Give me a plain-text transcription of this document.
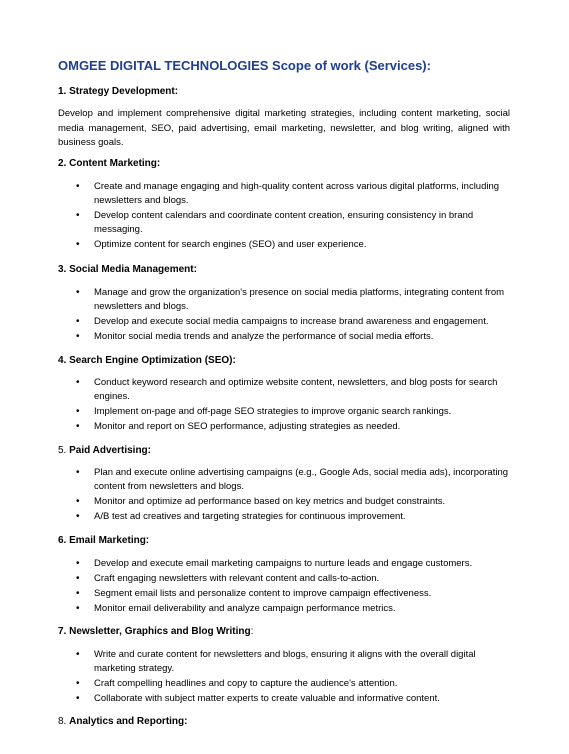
OMGEE DIGITAL TECHNOLOGIES Scope of work (Services):
1. Strategy Development:
Develop and implement comprehensive digital marketing strategies, including content marketing, social media management, SEO, paid advertising, email marketing, newsletter, and blog writing, aligned with business goals.
2. Content Marketing:
• Create and manage engaging and high-quality content across various digital platforms, including newsletters and blogs.
• Develop content calendars and coordinate content creation, ensuring consistency in brand messaging.
• Optimize content for search engines (SEO) and user experience.
3. Social Media Management:
• Manage and grow the organization's presence on social media platforms, integrating content from newsletters and blogs.
• Develop and execute social media campaigns to increase brand awareness and engagement.
• Monitor social media trends and analyze the performance of social media efforts.
4. Search Engine Optimization (SEO):
• Conduct keyword research and optimize website content, newsletters, and blog posts for search engines.
• Implement on-page and off-page SEO strategies to improve organic search rankings.
• Monitor and report on SEO performance, adjusting strategies as needed.
5. Paid Advertising:
• Plan and execute online advertising campaigns (e.g., Google Ads, social media ads), incorporating content from newsletters and blogs.
• Monitor and optimize ad performance based on key metrics and budget constraints.
• A/B test ad creatives and targeting strategies for continuous improvement.
6. Email Marketing:
• Develop and execute email marketing campaigns to nurture leads and engage customers.
• Craft engaging newsletters with relevant content and calls-to-action.
• Segment email lists and personalize content to improve campaign effectiveness.
• Monitor email deliverability and analyze campaign performance metrics.
7. Newsletter, Graphics and Blog Writing:
• Write and curate content for newsletters and blogs, ensuring it aligns with the overall digital marketing strategy.
• Craft compelling headlines and copy to capture the audience's attention.
• Collaborate with subject matter experts to create valuable and informative content.
8. Analytics and Reporting:
